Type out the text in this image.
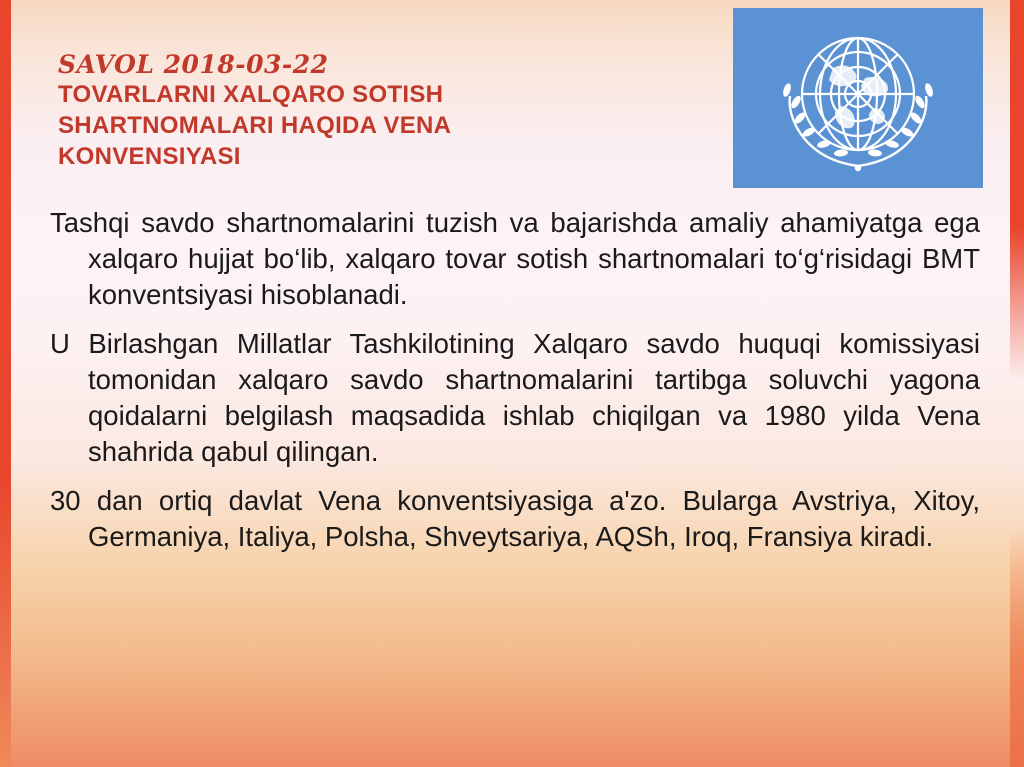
SAVOL 2018-03-22
TOVARLARNI XALQARO SOTISH
SHARTNOMALARI HAQIDA VENA
KONVENSIYASI

Tashqi savdo shartnomalarini tuzish va bajarishda amaliy ahamiyatga ega xalqaro hujjat bo‘lib, xalqaro tovar sotish shartnomalari to‘g‘risidagi BMT konventsiyasi hisoblanadi.

U Birlashgan Millatlar Tashkilotining Xalqaro savdo huquqi komissiyasi tomonidan xalqaro savdo shartnomalarini tartibga soluvchi yagona qoidalarni belgilash maqsadida ishlab chiqilgan va 1980 yilda Vena shahrida qabul qilingan.

30 dan ortiq davlat Vena konventsiyasiga a'zo. Bularga Avstriya, Xitoy, Germaniya, Italiya, Polsha, Shveytsariya, AQSh, Iroq, Fransiya kiradi.
